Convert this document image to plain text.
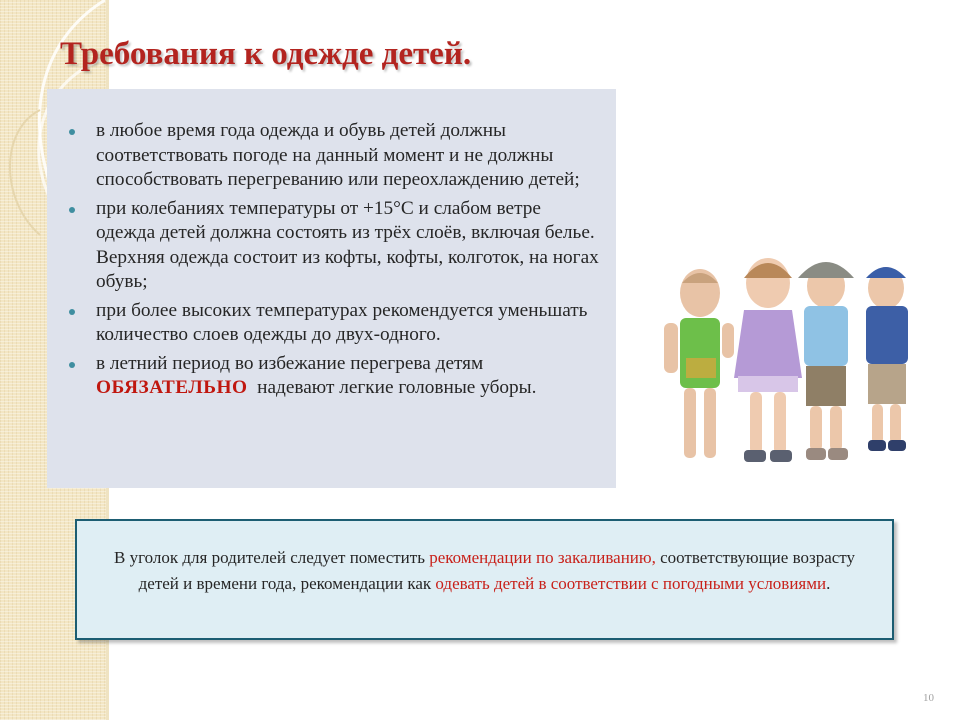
Требования к одежде детей.
в любое время года одежда и обувь детей должны соответствовать погоде на данный момент и не должны способствовать перегреванию или переохлаждению детей;
при колебаниях температуры от +15°С и слабом ветре одежда детей должна состоять из трёх слоёв, включая белье. Верхняя одежда состоит из кофты, кофты, колготок, на ногах обувь;
при более высоких температурах рекомендуется уменьшать количество слоев одежды до двух-одного.
в летний период во избежание перегрева детям ОБЯЗАТЕЛЬНО  надевают легкие головные уборы.

В уголок для родителей следует поместить рекомендации по закаливанию, соответствующие возрасту детей и времени года, рекомендации как одевать детей в соответствии с погодными условиями.

10
